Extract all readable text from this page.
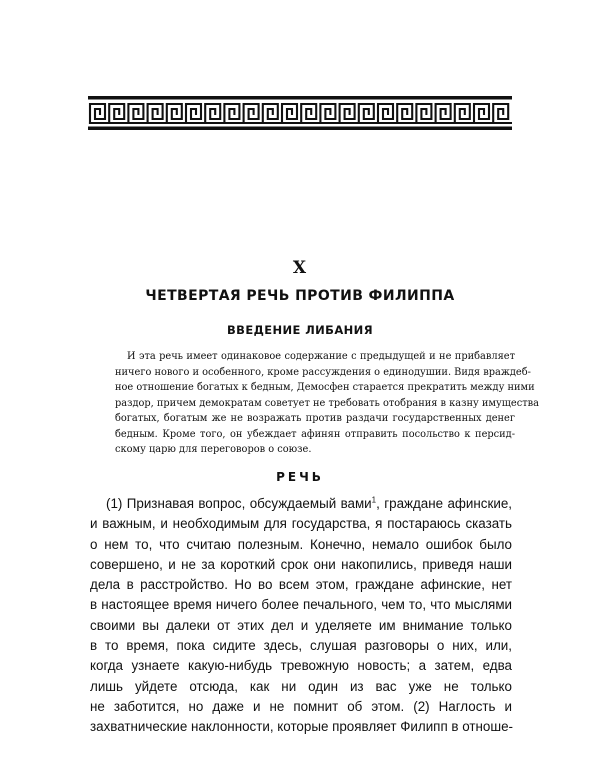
X
ЧЕТВЕРТАЯ РЕЧЬ ПРОТИВ ФИЛИППА
ВВЕДЕНИЕ ЛИБАНИЯ
И эта речь имеет одинаковое содержание с предыдущей и не прибавляет
ничего нового и особенного, кроме рассуждения о единодушии. Видя враждеб-
ное отношение богатых к бедным, Демосфен старается прекратить между ними
раздор, причем демократам советует не требовать отобрания в казну имущества
богатых, богатым же не возражать против раздачи государственных денег
бедным. Кроме того, он убеждает афинян отправить посольство к персид-
скому царю для переговоров о союзе.
РЕЧЬ
(1) Признавая вопрос, обсуждаемый вами$^1$, граждане афинские,
и важным, и необходимым для государства, я постараюсь сказать
о нем то, что считаю полезным. Конечно, немало ошибок было
совершено, и не за короткий срок они накопились, приведя наши
дела в расстройство. Но во всем этом, граждане афинские, нет
в настоящее время ничего более печального, чем то, что мыслями
своими вы далеки от этих дел и уделяете им внимание только
в то время, пока сидите здесь, слушая разговоры о них, или,
когда узнаете какую-нибудь тревожную новость; а затем, едва
лишь уйдете отсюда, как ни один из вас уже не только
не заботится, но даже и не помнит об этом. (2) Наглость и
захватнические наклонности, которые проявляет Филипп в отноше-
